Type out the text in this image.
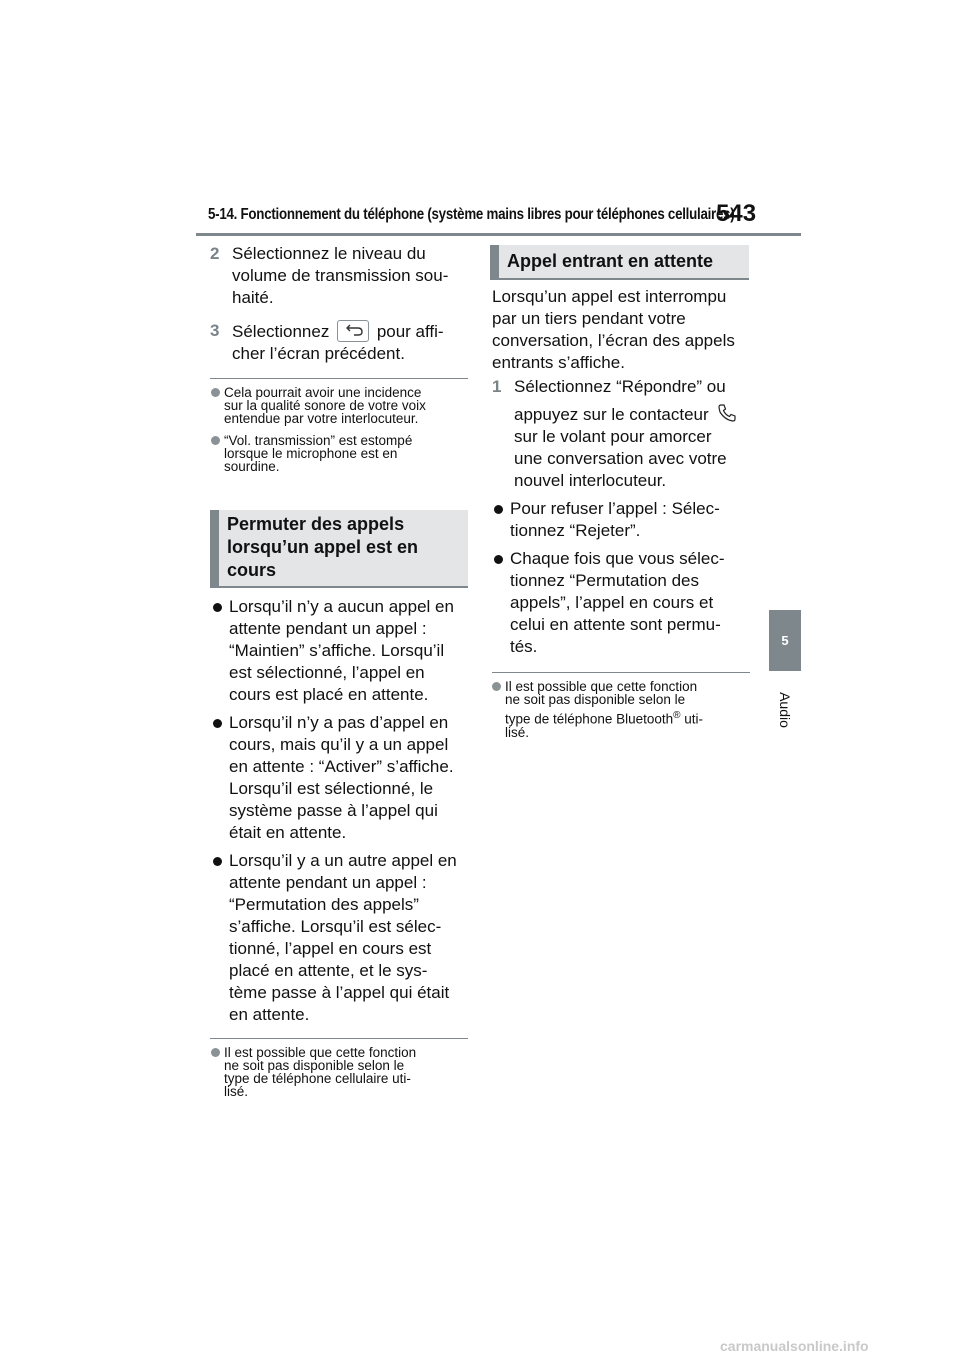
5-14. Fonctionnement du téléphone (système mains libres pour téléphones cellulaires)
543
5
Audio
2 Sélectionnez le niveau du
volume de transmission sou-
haité.
3 Sélectionnez	pour affi-
cher l’écran précédent.
Cela pourrait avoir une incidence
sur la qualité sonore de votre voix
entendue par votre interlocuteur.
“Vol. transmission” est estompé
lorsque le microphone est en
sourdine.
Permuter des appels
lorsqu’un appel est en
cours
Lorsqu’il n’y a aucun appel en
attente pendant un appel :
“Maintien” s’affiche. Lorsqu’il
est sélectionné, l’appel en
cours est placé en attente.
Lorsqu’il n’y a pas d’appel en
cours, mais qu’il y a un appel
en attente : “Activer” s’affiche.
Lorsqu’il est sélectionné, le
système passe à l’appel qui
était en attente.
Lorsqu’il y a un autre appel en
attente pendant un appel :
“Permutation des appels”
s’affiche. Lorsqu’il est sélec-
tionné, l’appel en cours est
placé en attente, et le sys-
tème passe à l’appel qui était
en attente.
Il est possible que cette fonction
ne soit pas disponible selon le
type de téléphone cellulaire uti-
lisé.
Appel entrant en attente
Lorsqu’un appel est interrompu
par un tiers pendant votre
conversation, l’écran des appels
entrants s’affiche.
1 Sélectionnez “Répondre” ou
appuyez sur le contacteur
sur le volant pour amorcer
une conversation avec votre
nouvel interlocuteur.
Pour refuser l’appel : Sélec-
tionnez “Rejeter”.
Chaque fois que vous sélec-
tionnez “Permutation des
appels”, l’appel en cours et
celui en attente sont permu-
tés.
Il est possible que cette fonction
ne soit pas disponible selon le
type de téléphone Bluetooth® uti-
lisé.
carmanualsonline.info
